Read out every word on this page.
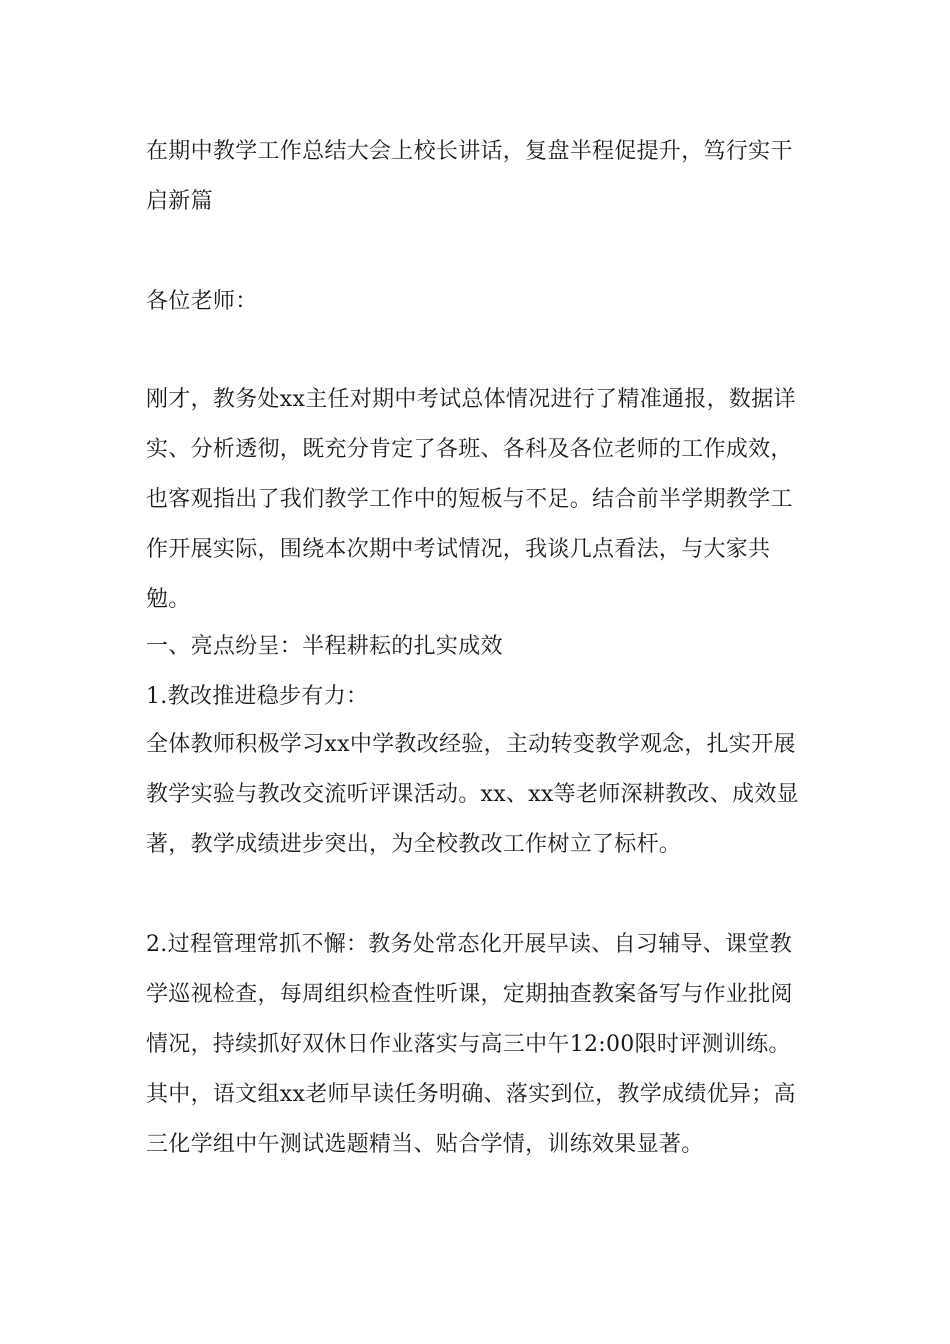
在期中教学工作总结大会上校长讲话，复盘半程促提升，笃行实干启新篇

各位老师：

刚才，教务处xx主任对期中考试总体情况进行了精准通报，数据详实、分析透彻，既充分肯定了各班、各科及各位老师的工作成效，也客观指出了我们教学工作中的短板与不足。结合前半学期教学工作开展实际，围绕本次期中考试情况，我谈几点看法，与大家共勉。

一、亮点纷呈：半程耕耘的扎实成效

1.教改推进稳步有力：

全体教师积极学习xx中学教改经验，主动转变教学观念，扎实开展教学实验与教改交流听评课活动。xx、xx等老师深耕教改、成效显著，教学成绩进步突出，为全校教改工作树立了标杆。

2.过程管理常抓不懈：教务处常态化开展早读、自习辅导、课堂教学巡视检查，每周组织检查性听课，定期抽查教案备写与作业批阅情况，持续抓好双休日作业落实与高三中午12:00限时评测训练。其中，语文组xx老师早读任务明确、落实到位，教学成绩优异；高三化学组中午测试选题精当、贴合学情，训练效果显著。
